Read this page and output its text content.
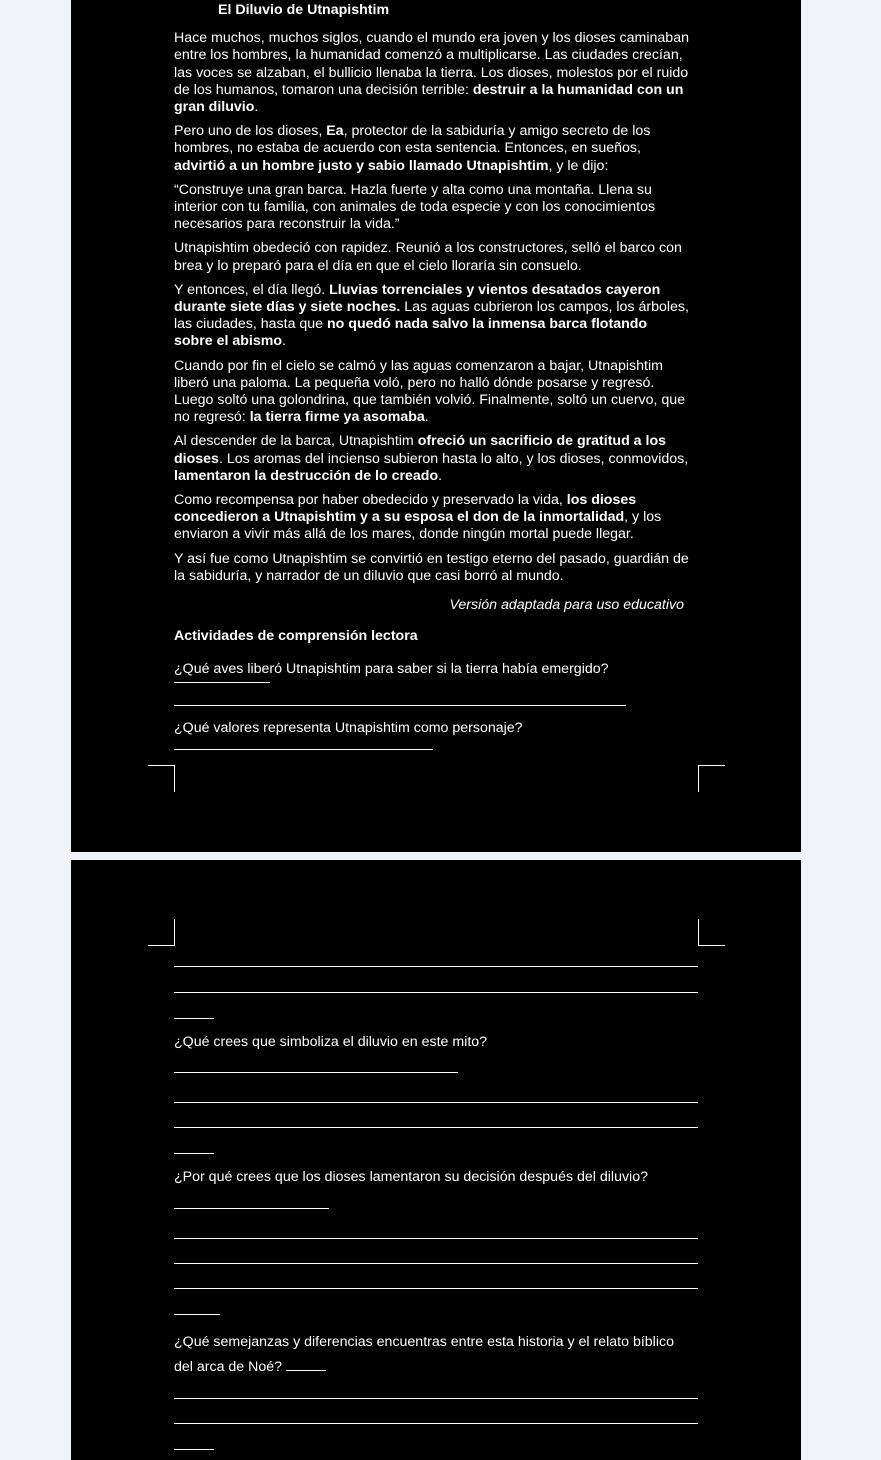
El Diluvio de Utnapishtim
Hace muchos, muchos siglos, cuando el mundo era joven y los dioses caminaban entre los hombres, la humanidad comenzó a multiplicarse. Las ciudades crecían, las voces se alzaban, el bullicio llenaba la tierra. Los dioses, molestos por el ruido de los humanos, tomaron una decisión terrible: destruir a la humanidad con un gran diluvio.
Pero uno de los dioses, Ea, protector de la sabiduría y amigo secreto de los hombres, no estaba de acuerdo con esta sentencia. Entonces, en sueños, advirtió a un hombre justo y sabio llamado Utnapishtim, y le dijo:
“Construye una gran barca. Hazla fuerte y alta como una montaña. Llena su interior con tu familia, con animales de toda especie y con los conocimientos necesarios para reconstruir la vida.”
Utnapishtim obedeció con rapidez. Reunió a los constructores, selló el barco con brea y lo preparó para el día en que el cielo lloraría sin consuelo.
Y entonces, el día llegó. Lluvias torrenciales y vientos desatados cayeron durante siete días y siete noches. Las aguas cubrieron los campos, los árboles, las ciudades, hasta que no quedó nada salvo la inmensa barca flotando sobre el abismo.
Cuando por fin el cielo se calmó y las aguas comenzaron a bajar, Utnapishtim liberó una paloma. La pequeña voló, pero no halló dónde posarse y regresó. Luego soltó una golondrina, que también volvió. Finalmente, soltó un cuervo, que no regresó: la tierra firme ya asomaba.
Al descender de la barca, Utnapishtim ofreció un sacrificio de gratitud a los dioses. Los aromas del incienso subieron hasta lo alto, y los dioses, conmovidos, lamentaron la destrucción de lo creado.
Como recompensa por haber obedecido y preservado la vida, los dioses concedieron a Utnapishtim y a su esposa el don de la inmortalidad, y los enviaron a vivir más allá de los mares, donde ningún mortal puede llegar.
Y así fue como Utnapishtim se convirtió en testigo eterno del pasado, guardián de la sabiduría, y narrador de un diluvio que casi borró al mundo.
Versión adaptada para uso educativo
Actividades de comprensión lectora
¿Qué aves liberó Utnapishtim para saber si la tierra había emergido?
¿Qué valores representa Utnapishtim como personaje?
¿Qué crees que simboliza el diluvio en este mito?
¿Por qué crees que los dioses lamentaron su decisión después del diluvio?
¿Qué semejanzas y diferencias encuentras entre esta historia y el relato bíblico
del arca de Noé?
